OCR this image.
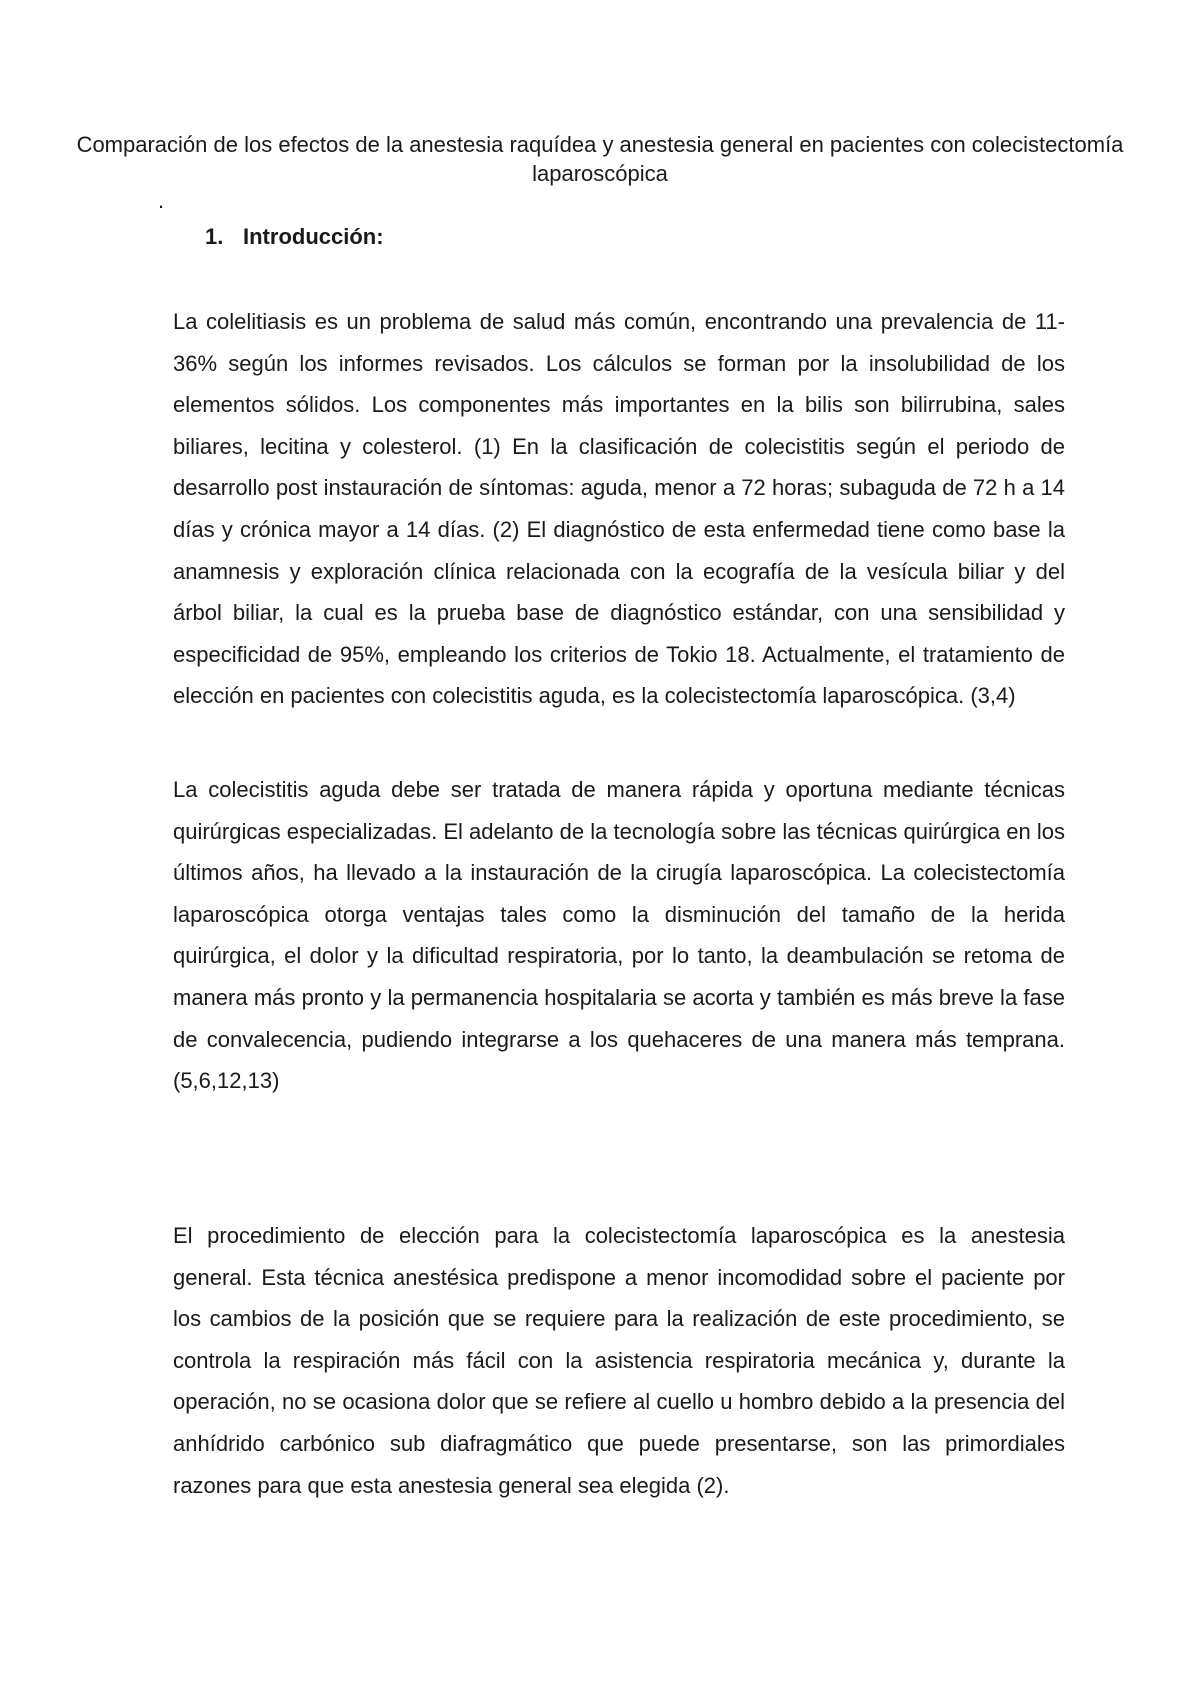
Comparación de los efectos de la anestesia raquídea y anestesia general en pacientes con colecistectomía laparoscópica
.
1. Introducción:

La colelitiasis es un problema de salud más común, encontrando una prevalencia de 11-36% según los informes revisados. Los cálculos se forman por la insolubilidad de los elementos sólidos. Los componentes más importantes en la bilis son bilirrubina, sales biliares, lecitina y colesterol. (1) En la clasificación de colecistitis según el periodo de desarrollo post instauración de síntomas: aguda, menor a 72 horas; subaguda de 72 h a 14 días y crónica mayor a 14 días. (2) El diagnóstico de esta enfermedad tiene como base la anamnesis y exploración clínica relacionada con la ecografía de la vesícula biliar y del árbol biliar, la cual es la prueba base de diagnóstico estándar, con una sensibilidad y especificidad de 95%, empleando los criterios de Tokio 18. Actualmente, el tratamiento de elección en pacientes con colecistitis aguda, es la colecistectomía laparoscópica. (3,4)

La colecistitis aguda debe ser tratada de manera rápida y oportuna mediante técnicas quirúrgicas especializadas. El adelanto de la tecnología sobre las técnicas quirúrgica en los últimos años, ha llevado a la instauración de la cirugía laparoscópica. La colecistectomía laparoscópica otorga ventajas tales como la disminución del tamaño de la herida quirúrgica, el dolor y la dificultad respiratoria, por lo tanto, la deambulación se retoma de manera más pronto y la permanencia hospitalaria se acorta y también es más breve la fase de convalecencia, pudiendo integrarse a los quehaceres de una manera más temprana. (5,6,12,13)

El procedimiento de elección para la colecistectomía laparoscópica es la anestesia general. Esta técnica anestésica predispone a menor incomodidad sobre el paciente por los cambios de la posición que se requiere para la realización de este procedimiento, se controla la respiración más fácil con la asistencia respiratoria mecánica y, durante la operación, no se ocasiona dolor que se refiere al cuello u hombro debido a la presencia del anhídrido carbónico sub diafragmático que puede presentarse, son las primordiales razones para que esta anestesia general sea elegida (2).
